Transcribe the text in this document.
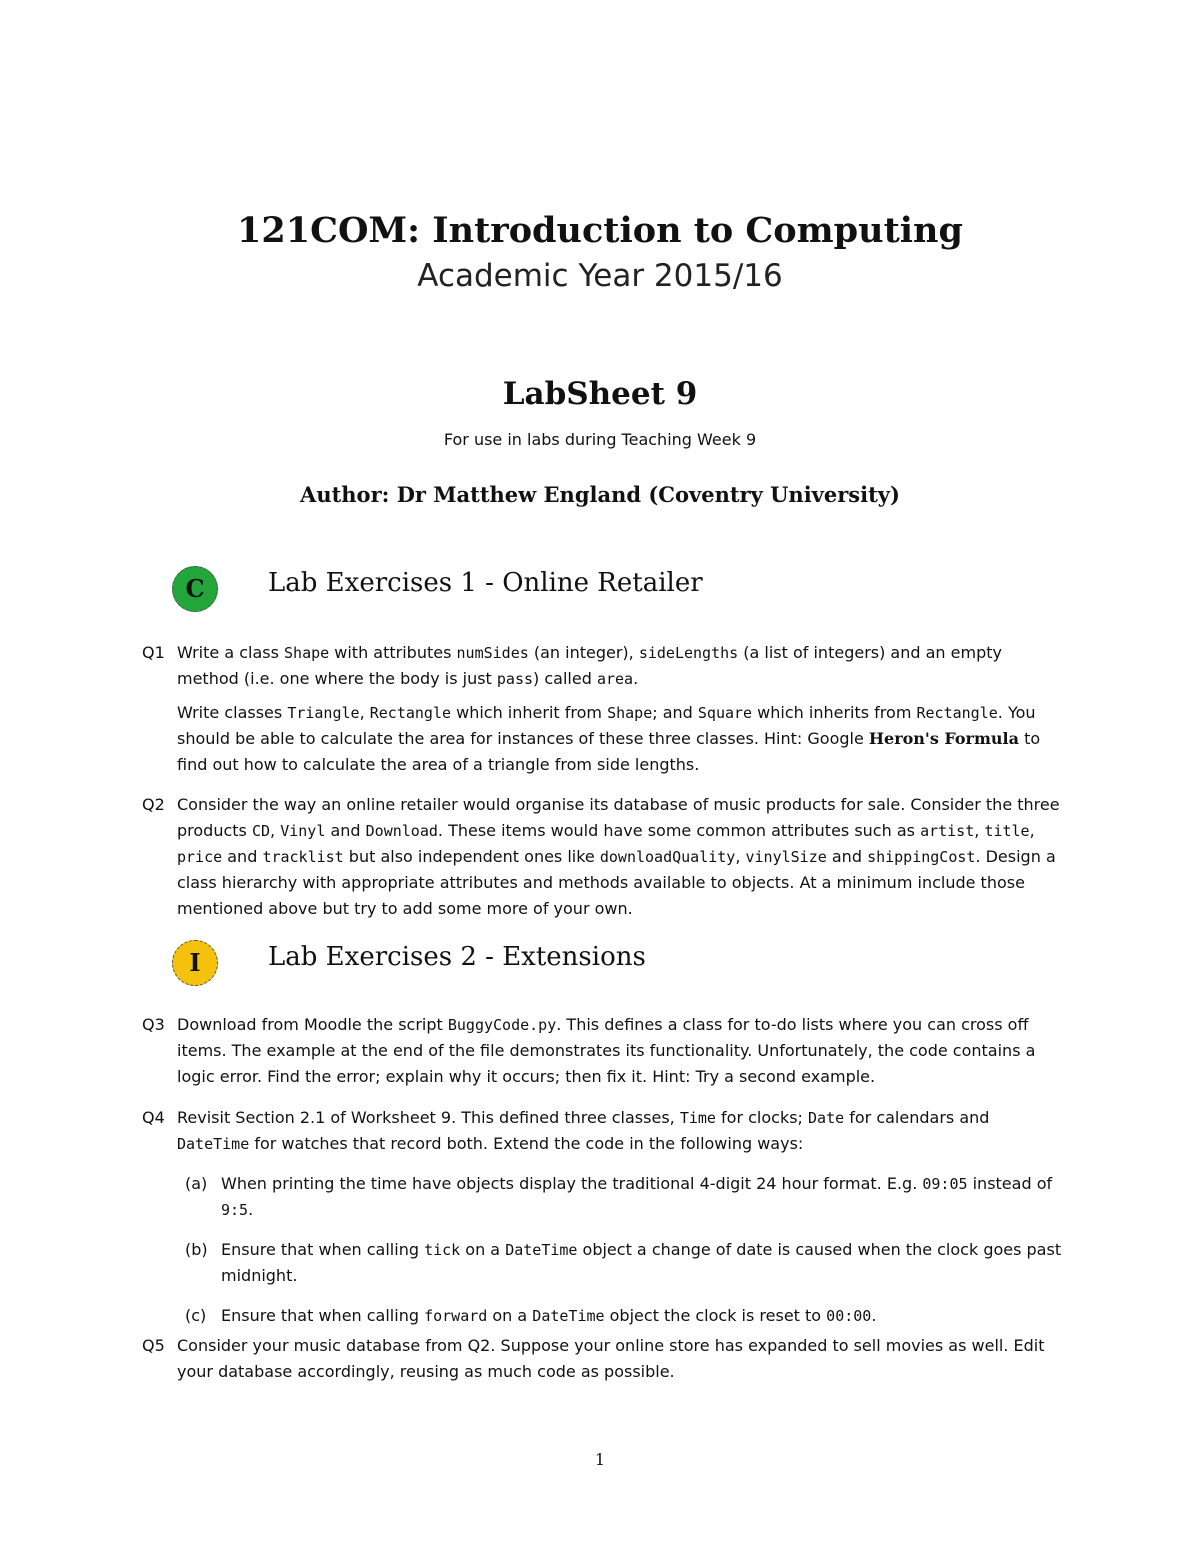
121COM: Introduction to Computing
Academic Year 2015/16
LabSheet 9
For use in labs during Teaching Week 9
Author: Dr Matthew England (Coventry University)
C	Lab Exercises 1 - Online Retailer
Q1 Write a class Shape with attributes numSides (an integer), sideLengths (a list of integers) and an empty method (i.e. one where the body is just pass) called area.

Write classes Triangle, Rectangle which inherit from Shape; and Square which inherits from Rectangle. You should be able to calculate the area for instances of these three classes. Hint: Google Heron's Formula to find out how to calculate the area of a triangle from side lengths.

Q2 Consider the way an online retailer would organise its database of music products for sale. Consider the three products CD, Vinyl and Download. These items would have some common attributes such as artist, title, price and tracklist but also independent ones like downloadQuality, vinylSize and shippingCost. Design a class hierarchy with appropriate attributes and methods available to objects. At a minimum include those mentioned above but try to add some more of your own.

I	Lab Exercises 2 - Extensions
Q3 Download from Moodle the script BuggyCode.py. This defines a class for to-do lists where you can cross off items. The example at the end of the file demonstrates its functionality. Unfortunately, the code contains a logic error. Find the error; explain why it occurs; then fix it. Hint: Try a second example.

Q4 Revisit Section 2.1 of Worksheet 9. This defined three classes, Time for clocks; Date for calendars and DateTime for watches that record both. Extend the code in the following ways:

(a) When printing the time have objects display the traditional 4-digit 24 hour format. E.g. 09:05 instead of 9:5.
(b) Ensure that when calling tick on a DateTime object a change of date is caused when the clock goes past midnight.
(c) Ensure that when calling forward on a DateTime object the clock is reset to 00:00.
Q5 Consider your music database from Q2. Suppose your online store has expanded to sell movies as well. Edit your database accordingly, reusing as much code as possible.

1
